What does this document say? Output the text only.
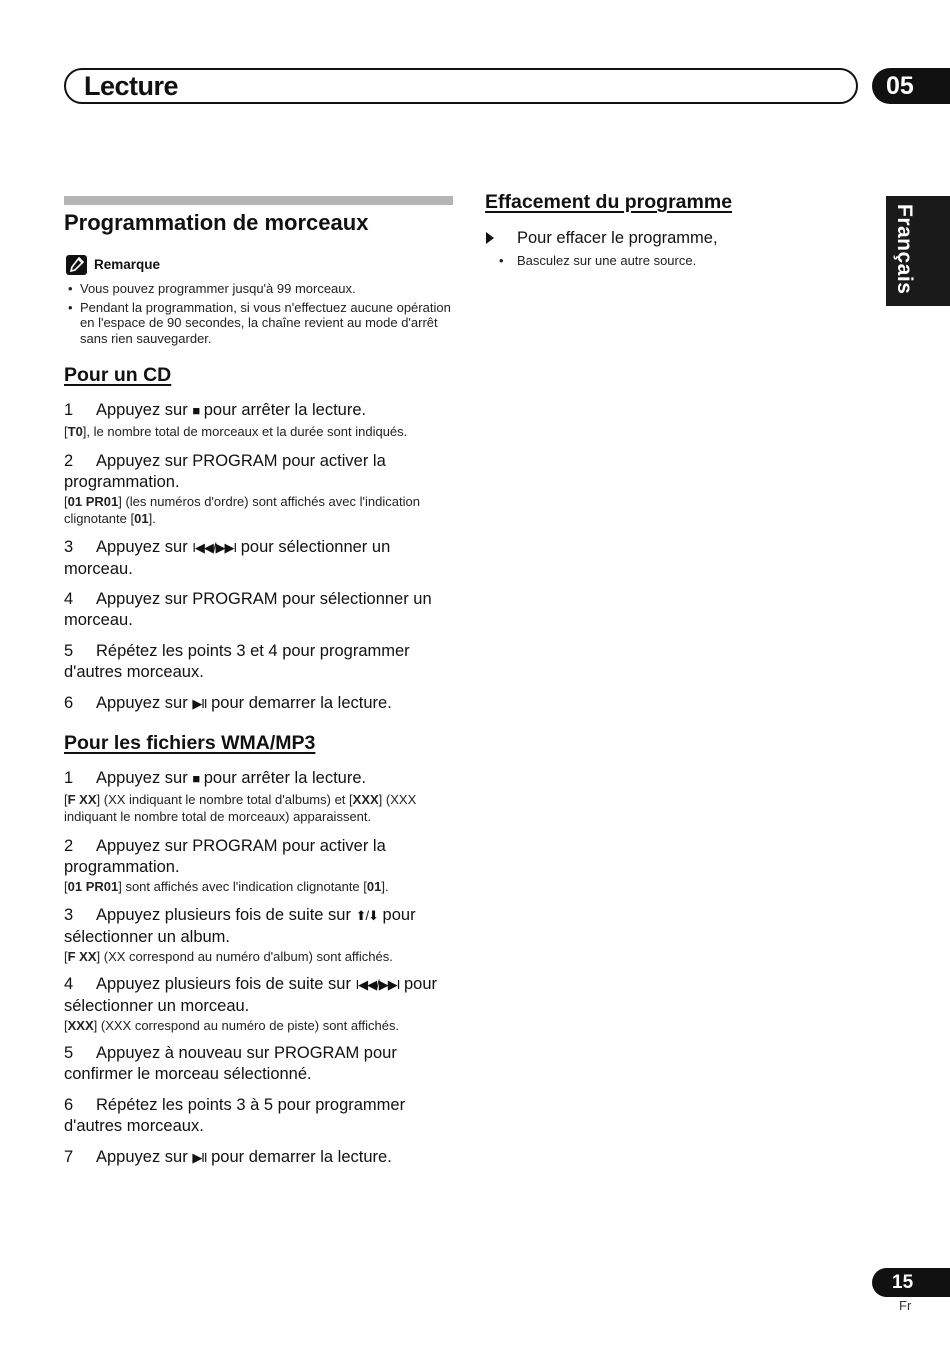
Lecture	05
Français
Programmation de morceaux
Remarque
• Vous pouvez programmer jusqu'à 99 morceaux.
• Pendant la programmation, si vous n'effectuez aucune opération en l'espace de 90 secondes, la chaîne revient au mode d'arrêt sans rien sauvegarder.
Pour un CD
1 Appuyez sur ■ pour arrêter la lecture.
[T0], le nombre total de morceaux et la durée sont indiqués.
2 Appuyez sur PROGRAM pour activer la programmation.
[01 PR01] (les numéros d'ordre) sont affichés avec l'indication clignotante [01].
3 Appuyez sur I◀◀/▶▶I pour sélectionner un morceau.
4 Appuyez sur PROGRAM pour sélectionner un morceau.
5 Répétez les points 3 et 4 pour programmer d'autres morceaux.
6 Appuyez sur ▶II pour demarrer la lecture.
Pour les fichiers WMA/MP3
1 Appuyez sur ■ pour arrêter la lecture.
[F XX] (XX indiquant le nombre total d'albums) et [XXX] (XXX indiquant le nombre total de morceaux) apparaissent.
2 Appuyez sur PROGRAM pour activer la programmation.
[01 PR01] sont affichés avec l'indication clignotante [01].
3 Appuyez plusieurs fois de suite sur ⬆/⬇ pour sélectionner un album.
[F XX] (XX correspond au numéro d'album) sont affichés.
4 Appuyez plusieurs fois de suite sur I◀◀/▶▶I pour sélectionner un morceau.
[XXX] (XXX correspond au numéro de piste) sont affichés.
5 Appuyez à nouveau sur PROGRAM pour confirmer le morceau sélectionné.
6 Répétez les points 3 à 5 pour programmer d'autres morceaux.
7 Appuyez sur ▶II pour demarrer la lecture.
Effacement du programme
Pour effacer le programme,
• Basculez sur une autre source.
15
Fr
